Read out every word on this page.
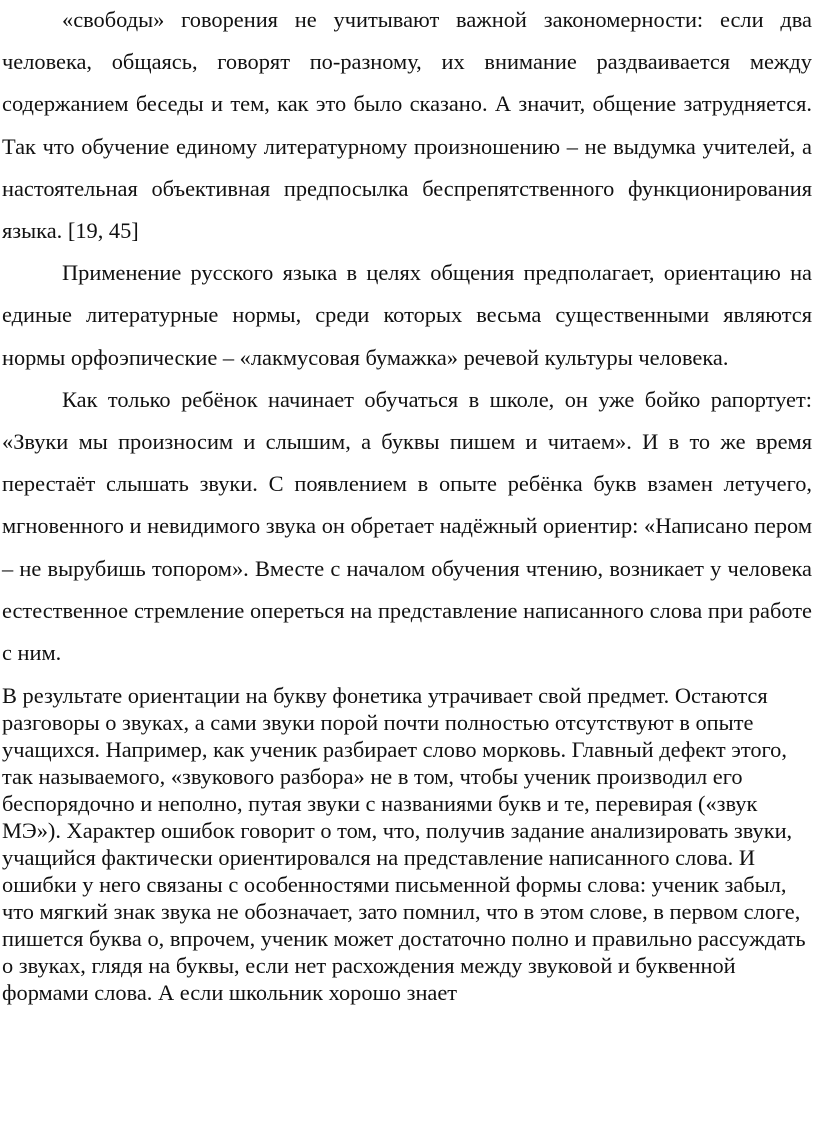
«свободы» говорения не учитывают важной закономерности: если два человека, общаясь, говорят по-разному, их внимание раздваивается между содержанием беседы и тем, как это было сказано. А значит, общение затрудняется. Так что обучение единому литературному произношению – не выдумка учителей, а настоятельная объективная предпосылка беспрепятственного функционирования языка. [19, 45]

Применение русского языка в целях общения предполагает, ориентацию на единые литературные нормы, среди которых весьма существенными являются нормы орфоэпические – «лакмусовая бумажка» речевой культуры человека.

Как только ребёнок начинает обучаться в школе, он уже бойко рапортует: «Звуки мы произносим и слышим, а буквы пишем и читаем». И в то же время перестаёт слышать звуки. С появлением в опыте ребёнка букв взамен летучего, мгновенного и невидимого звука он обретает надёжный ориентир: «Написано пером – не вырубишь топором». Вместе с началом обучения чтению, возникает у человека естественное стремление опереться на представление написанного слова при работе с ним.

В результате ориентации на букву фонетика утрачивает свой предмет. Остаются разговоры о звуках, а сами звуки порой почти полностью отсутствуют в опыте учащихся. Например, как ученик разбирает слово морковь. Главный дефект этого, так называемого, «звукового разбора» не в том, чтобы ученик производил его беспорядочно и неполно, путая звуки с названиями букв и те, перевирая («звук МЭ»). Характер ошибок говорит о том, что, получив задание анализировать звуки, учащийся фактически ориентировался на представление написанного слова. И ошибки у него связаны с особенностями письменной формы слова: ученик забыл, что мягкий знак звука не обозначает, зато помнил, что в этом слове, в первом слоге, пишется буква о, впрочем, ученик может достаточно полно и правильно рассуждать о звуках, глядя на буквы, если нет расхождения между звуковой и буквенной формами слова. А если школьник хорошо знает
